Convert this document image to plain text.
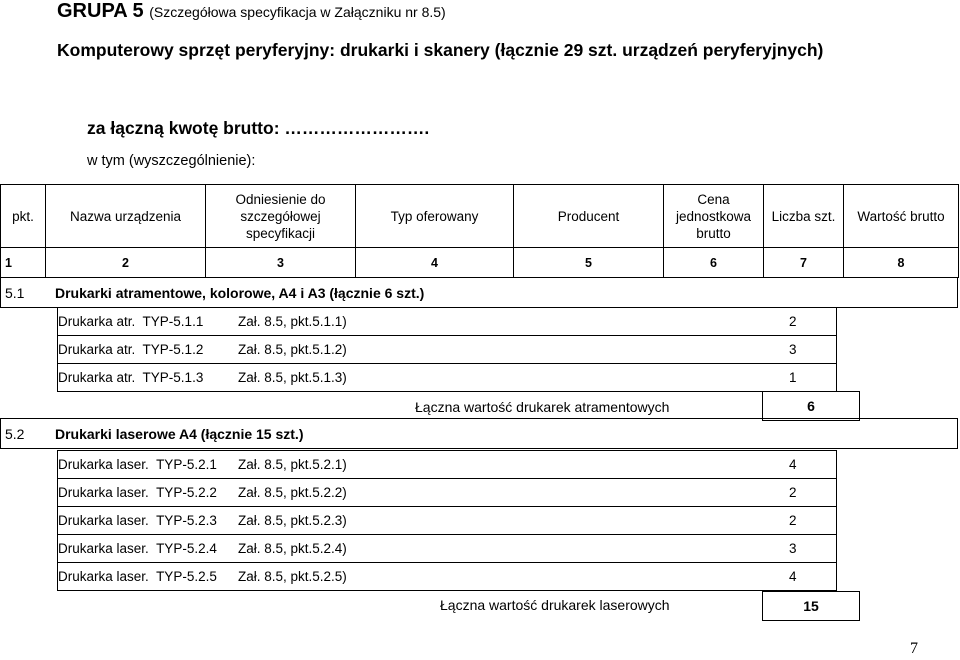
GRUPA 5 (Szczegółowa specyfikacja w Załączniku nr 8.5)
Komputerowy sprzęt peryferyjny: drukarki i skanery (łącznie 29 szt. urządzeń peryferyjnych)
za łączną kwotę brutto: …………………….
w tym (wyszczególnienie):
pkt.	Nazwa urządzenia	Odniesienie do szczegółowej specyfikacji	Typ oferowany	Producent	Cena jednostkowa brutto	Liczba szt.	Wartość brutto
1	2	3	4	5	6	7	8
5.1	Drukarki atramentowe, kolorowe, A4 i A3 (łącznie 6 szt.)
Drukarka atr. TYP-5.1.1	Zał. 8.5, pkt.5.1.1)	2
Drukarka atr. TYP-5.1.2	Zał. 8.5, pkt.5.1.2)	3
Drukarka atr. TYP-5.1.3	Zał. 8.5, pkt.5.1.3)	1
Łączna wartość drukarek atramentowych	6
5.2	Drukarki laserowe A4 (łącznie 15 szt.)
Drukarka laser. TYP-5.2.1 Zał. 8.5, pkt.5.2.1)	4
Drukarka laser. TYP-5.2.2 Zał. 8.5, pkt.5.2.2)	2
Drukarka laser. TYP-5.2.3 Zał. 8.5, pkt.5.2.3)	2
Drukarka laser. TYP-5.2.4 Zał. 8.5, pkt.5.2.4)	3
Drukarka laser. TYP-5.2.5 Zał. 8.5, pkt.5.2.5)	4
Łączna wartość drukarek laserowych	15
7
